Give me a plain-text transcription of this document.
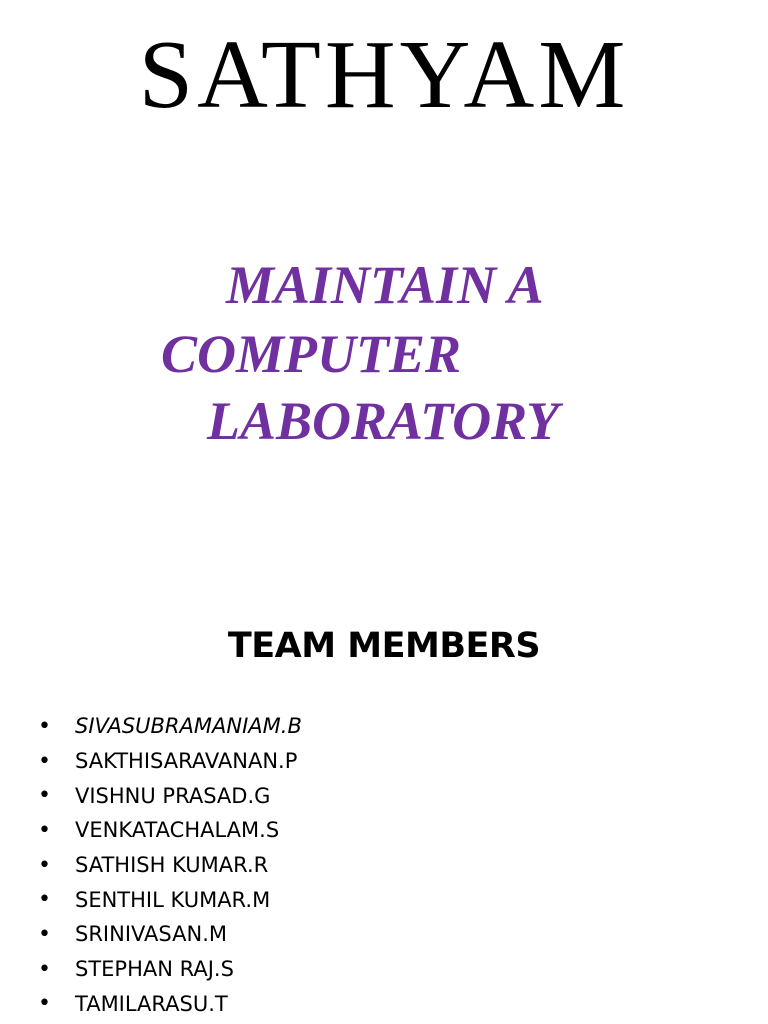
SATHYAM
MAINTAIN A
COMPUTER
LABORATORY
TEAM MEMBERS
•	SIVASUBRAMANIAM.B
•	SAKTHISARAVANAN.P
•	VISHNU PRASAD.G
•	VENKATACHALAM.S
•	SATHISH KUMAR.R
•	SENTHIL KUMAR.M
•	SRINIVASAN.M
•	STEPHAN RAJ.S
•	TAMILARASU.T
